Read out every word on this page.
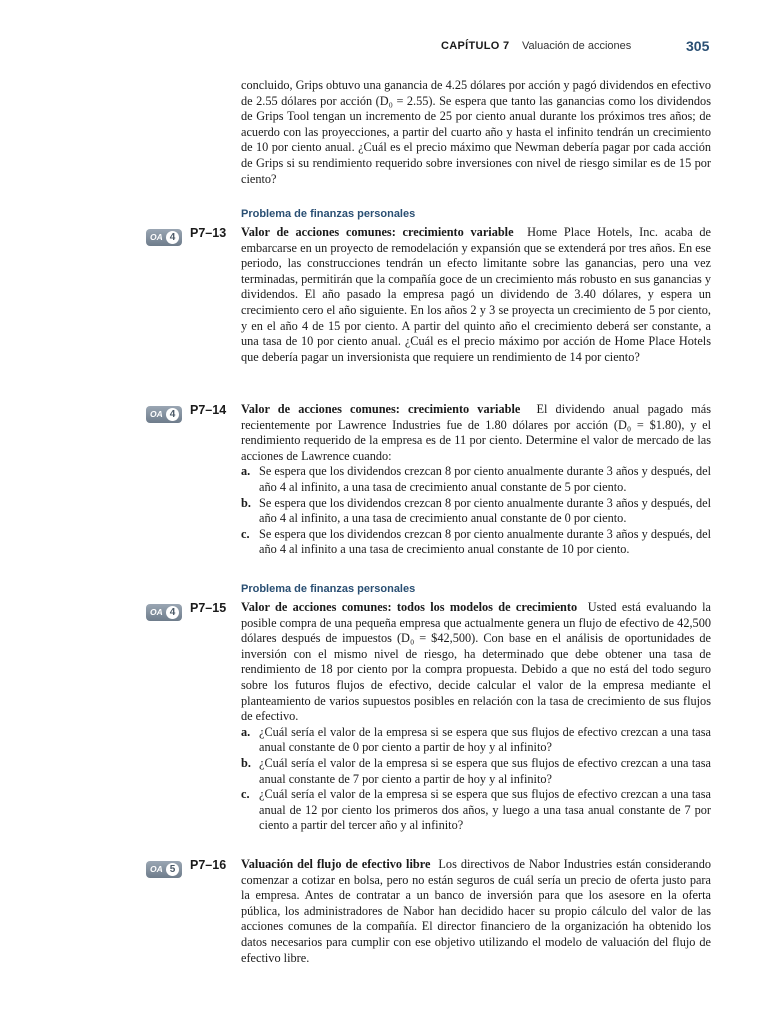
CAPÍTULO 7 Valuación de acciones	305

concluido, Grips obtuvo una ganancia de 4.25 dólares por acción y pagó dividendos en efectivo de 2.55 dólares por acción (D₀ = 2.55). Se espera que tanto las ganancias como los dividendos de Grips Tool tengan un incremento de 25 por ciento anual durante los próximos tres años; de acuerdo con las proyecciones, a partir del cuarto año y hasta el infinito tendrán un crecimiento de 10 por ciento anual. ¿Cuál es el precio máximo que Newman debería pagar por cada acción de Grips si su rendimiento requerido sobre inversiones con nivel de riesgo similar es de 15 por ciento?

Problema de finanzas personales
OA 4 P7–13 Valor de acciones comunes: crecimiento variable Home Place Hotels, Inc. acaba de embarcarse en un proyecto de remodelación y expansión que se extenderá por tres años. En ese periodo, las construcciones tendrán un efecto limitante sobre las ganancias, pero una vez terminadas, permitirán que la compañía goce de un crecimiento más robusto en sus ganancias y dividendos. El año pasado la empresa pagó un dividendo de 3.40 dólares, y espera un crecimiento cero el año siguiente. En los años 2 y 3 se proyecta un crecimiento de 5 por ciento, y en el año 4 de 15 por ciento. A partir del quinto año el crecimiento deberá ser constante, a una tasa de 10 por ciento anual. ¿Cuál es el precio máximo por acción de Home Place Hotels que debería pagar un inversionista que requiere un rendimiento de 14 por ciento?

OA 4 P7–14 Valor de acciones comunes: crecimiento variable El dividendo anual pagado más recientemente por Lawrence Industries fue de 1.80 dólares por acción (D₀ = $1.80), y el rendimiento requerido de la empresa es de 11 por ciento. Determine el valor de mercado de las acciones de Lawrence cuando:

a. Se espera que los dividendos crezcan 8 por ciento anualmente durante 3 años y después, del año 4 al infinito, a una tasa de crecimiento anual constante de 5 por ciento.
b. Se espera que los dividendos crezcan 8 por ciento anualmente durante 3 años y después, del año 4 al infinito, a una tasa de crecimiento anual constante de 0 por ciento.
c. Se espera que los dividendos crezcan 8 por ciento anualmente durante 3 años y después, del año 4 al infinito a una tasa de crecimiento anual constante de 10 por ciento.
Problema de finanzas personales
OA 4 P7–15 Valor de acciones comunes: todos los modelos de crecimiento Usted está evaluando la posible compra de una pequeña empresa que actualmente genera un flujo de efectivo de 42,500 dólares después de impuestos (D₀ = $42,500). Con base en el análisis de oportunidades de inversión con el mismo nivel de riesgo, ha determinado que debe obtener una tasa de rendimiento de 18 por ciento por la compra propuesta. Debido a que no está del todo seguro sobre los futuros flujos de efectivo, decide calcular el valor de la empresa mediante el planteamiento de varios supuestos posibles en relación con la tasa de crecimiento de sus flujos de efectivo.

a. ¿Cuál sería el valor de la empresa si se espera que sus flujos de efectivo crezcan a una tasa anual constante de 0 por ciento a partir de hoy y al infinito?
b. ¿Cuál sería el valor de la empresa si se espera que sus flujos de efectivo crezcan a una tasa anual constante de 7 por ciento a partir de hoy y al infinito?
c. ¿Cuál sería el valor de la empresa si se espera que sus flujos de efectivo crezcan a una tasa anual de 12 por ciento los primeros dos años, y luego a una tasa anual constante de 7 por ciento a partir del tercer año y al infinito?
OA 5 P7–16 Valuación del flujo de efectivo libre Los directivos de Nabor Industries están considerando comenzar a cotizar en bolsa, pero no están seguros de cuál sería un precio de oferta justo para la empresa. Antes de contratar a un banco de inversión para que los asesore en la oferta pública, los administradores de Nabor han decidido hacer su propio cálculo del valor de las acciones comunes de la compañía. El director financiero de la organización ha obtenido los datos necesarios para cumplir con ese objetivo utilizando el modelo de valuación del flujo de efectivo libre.
